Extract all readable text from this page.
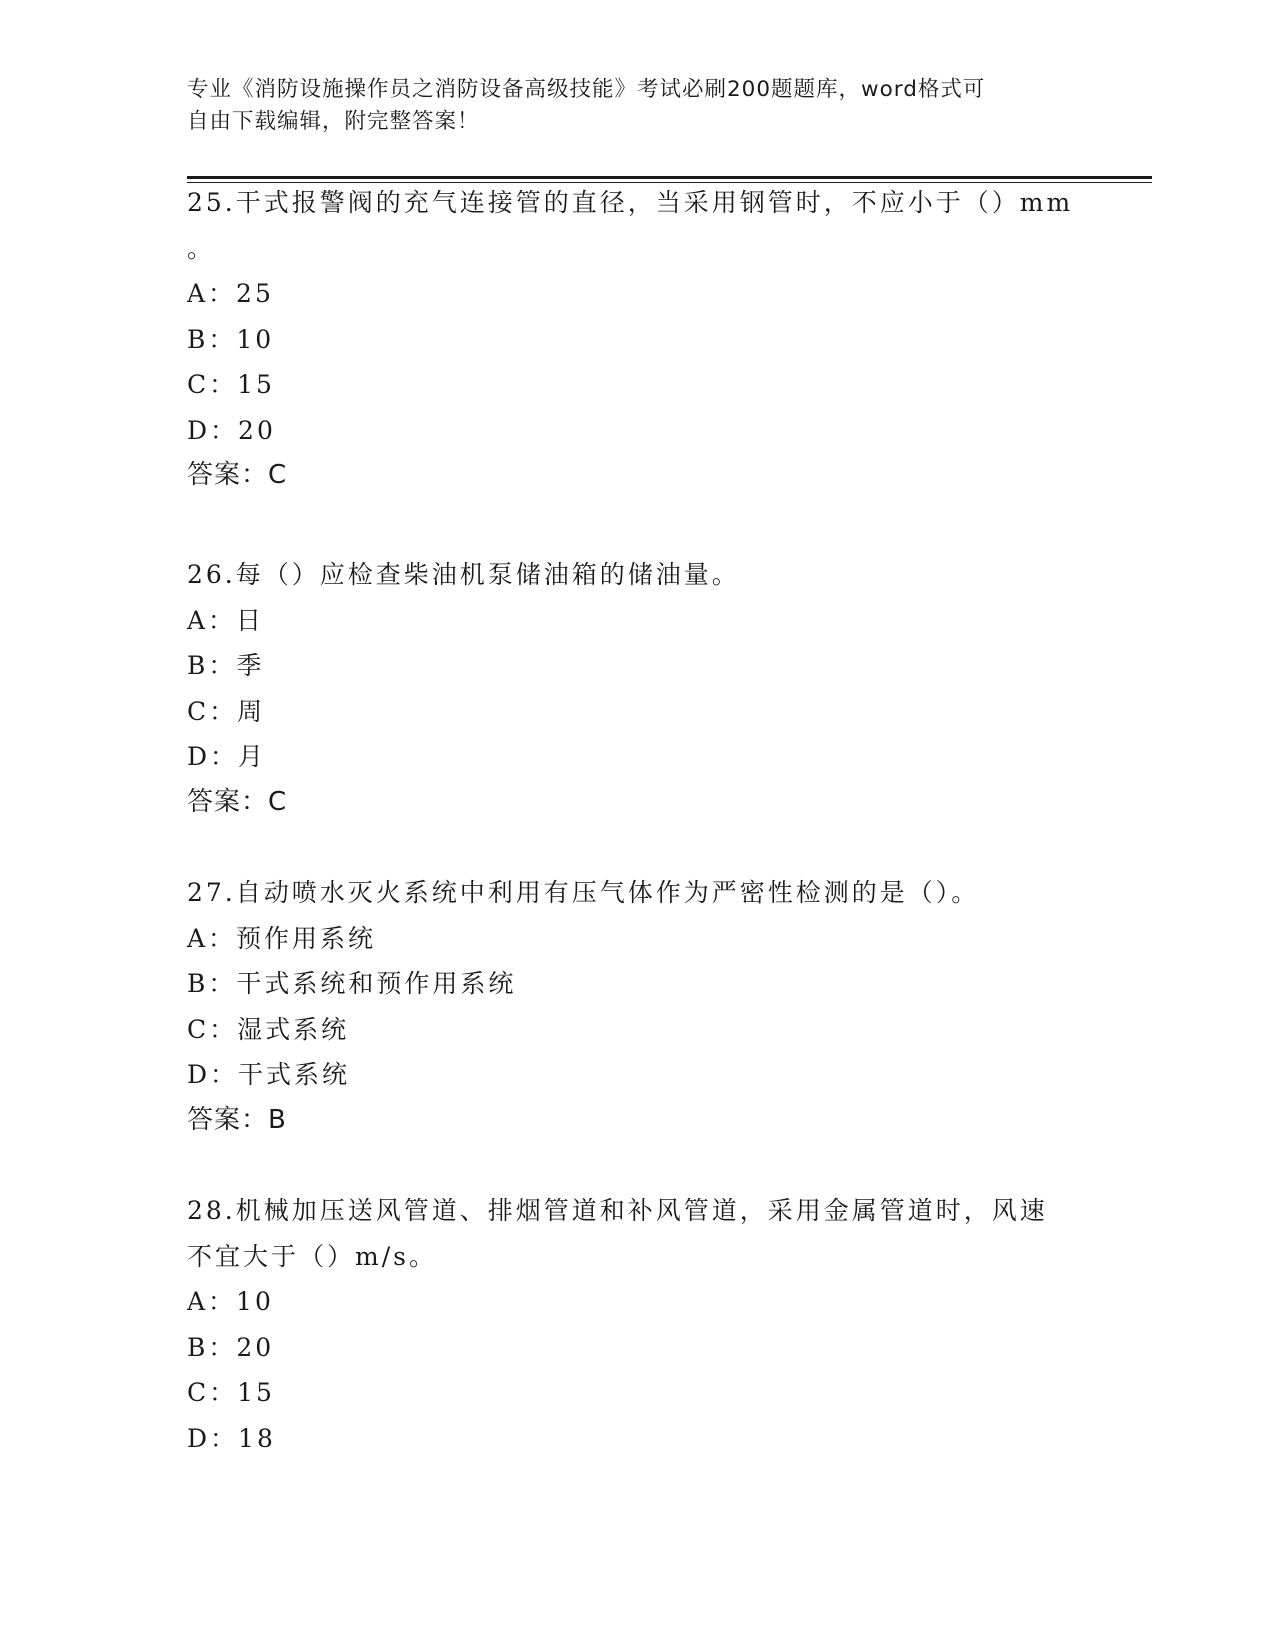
专业《消防设施操作员之消防设备高级技能》考试必刷200题题库，word格式可
自由下载编辑，附完整答案！
25.干式报警阀的充气连接管的直径，当采用钢管时，不应小于（）mm
。
A：25
B：10
C：15
D：20
答案：C
26.每（）应检查柴油机泵储油箱的储油量。
A：日
B：季
C：周
D：月
答案：C
27.自动喷水灭火系统中利用有压气体作为严密性检测的是（）。
A：预作用系统
B：干式系统和预作用系统
C：湿式系统
D：干式系统
答案：B
28.机械加压送风管道、排烟管道和补风管道，采用金属管道时，风速
不宜大于（）m/s。
A：10
B：20
C：15
D：18
